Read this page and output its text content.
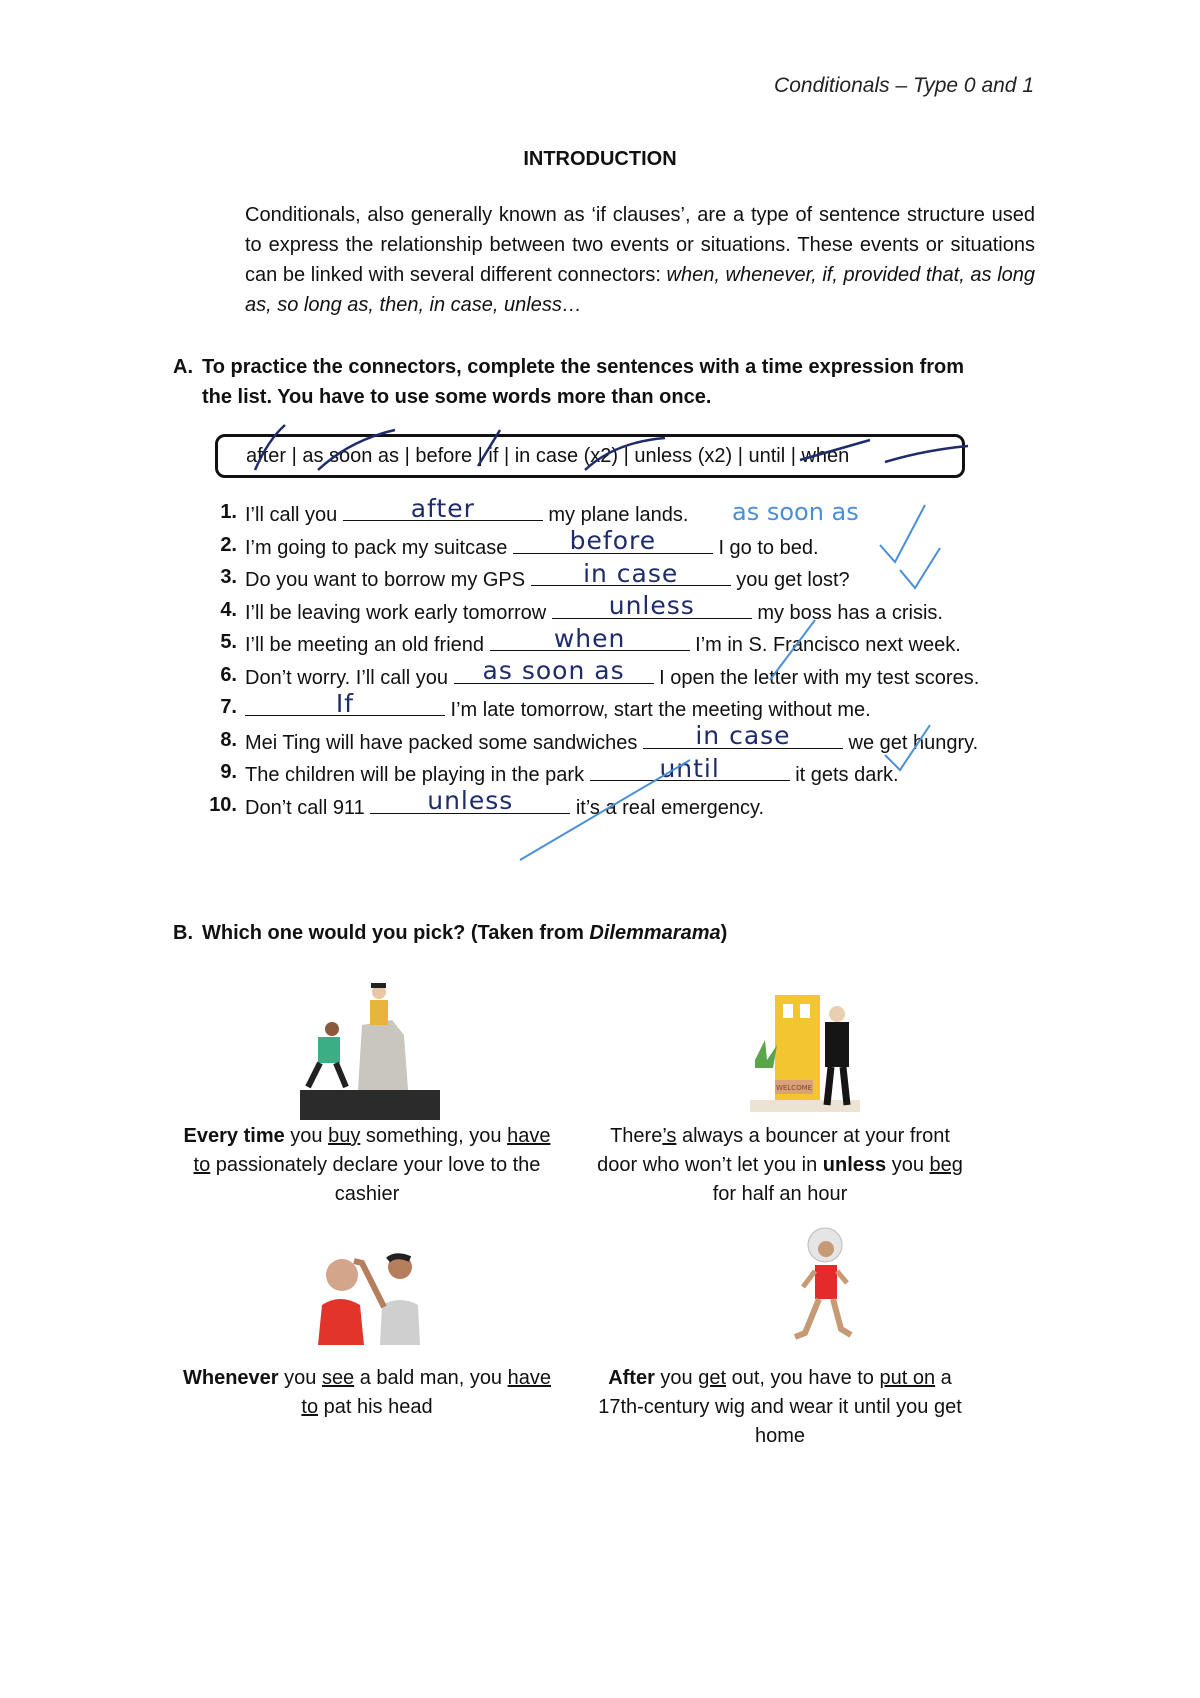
Conditionals – Type 0 and 1
INTRODUCTION
Conditionals, also generally known as ‘if clauses’, are a type of sentence structure used to express the relationship between two events or situations. These events or situations can be linked with several different connectors: when, whenever, if, provided that, as long as, so long as, then, in case, unless…
A. To practice the connectors, complete the sentences with a time expression from
the list. You have to use some words more than once.
after | as soon as | before | if | in case (x2) | unless (x2) | until | when
1. I’ll call you	after	my plane lands.
2. I’m going to pack my suitcase	before	I go to bed.
3. Do you want to borrow my GPS	in case	you get lost?
4. I’ll be leaving work early tomorrow	unless	my boss has a crisis.
5. I’ll be meeting an old friend	when	I’m in S. Francisco next week.
6. Don’t worry. I’ll call you	as soon as	I open the letter with my test scores.
7.	If	I’m late tomorrow, start the meeting without me.
8. Mei Ting will have packed some sandwiches	in case	we get hungry.
9. The children will be playing in the park	until	it gets dark.
10. Don’t call 911	unless	it’s a real emergency.
B. Which one would you pick? (Taken from Dilemmarama)
WELCOME
Every time you buy something, you have to passionately declare your love to the cashier
There’s always a bouncer at your front door who won’t let you in unless you beg for half an hour
Whenever you see a bald man, you have to pat his head
After you get out, you have to put on a 17th-century wig and wear it until you get home
as soon as
